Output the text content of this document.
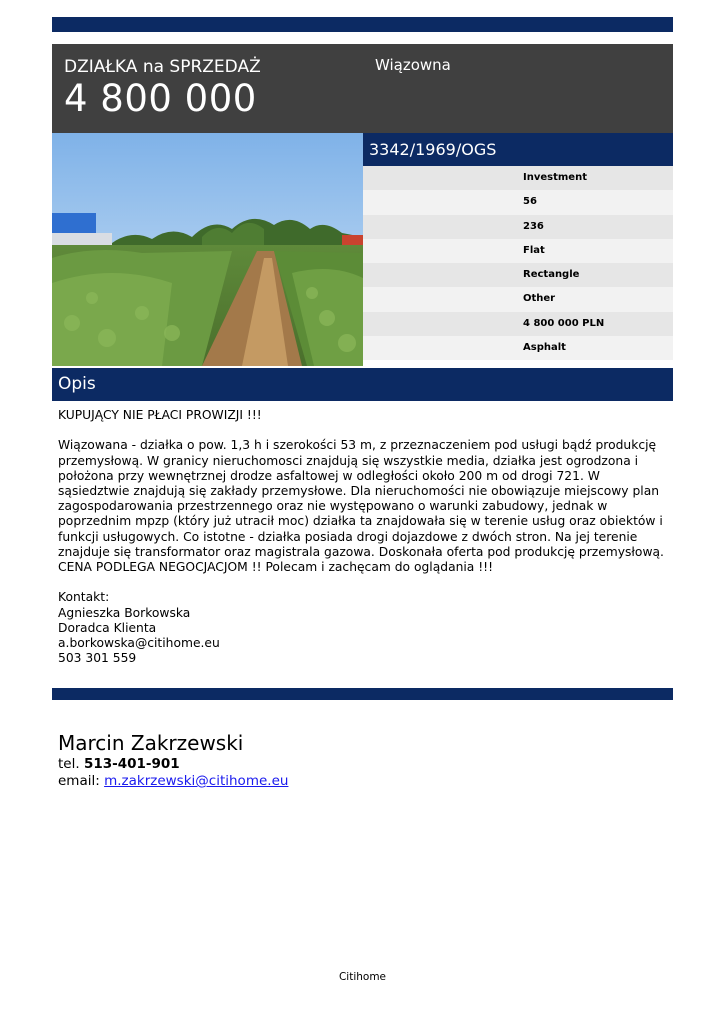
DZIAŁKA na SPRZEDAŻ
4 800 000
Wiązowna
3342/1969/OGS
Investment
56
236
Flat
Rectangle
Other
4 800 000 PLN
Asphalt
Opis

KUPUJĄCY NIE PŁACI PROWIZJI !!!

Wiązowana - działka o pow. 1,3 h i szerokości 53 m, z przeznaczeniem pod usługi bądź produkcję

przemysłową. W granicy nieruchomosci znajdują się wszystkie media, działka jest ogrodzona i

położona przy wewnętrznej drodze asfaltowej w odległości około 200 m od drogi 721. W

sąsiedztwie znajdują się zakłady przemysłowe. Dla nieruchomości nie obowiązuje miejscowy plan

zagospodarowania przestrzennego oraz nie występowano o warunki zabudowy, jednak w

poprzednim mpzp (który już utracił moc) działka ta znajdowała się w terenie usług oraz obiektów i

funkcji usługowych. Co istotne - działka posiada drogi dojazdowe z dwóch stron. Na jej terenie

znajduje się transformator oraz magistrala gazowa. Doskonała oferta pod produkcję przemysłową.

CENA PODLEGA NEGOCJACJOM !! Polecam i zachęcam do oglądania !!!

Kontakt:

Agnieszka Borkowska

Doradca Klienta

a.borkowska@citihome.eu

503 301 559

Marcin Zakrzewski
tel. 513-401-901
email: m.zakrzewski@citihome.eu
Citihome
